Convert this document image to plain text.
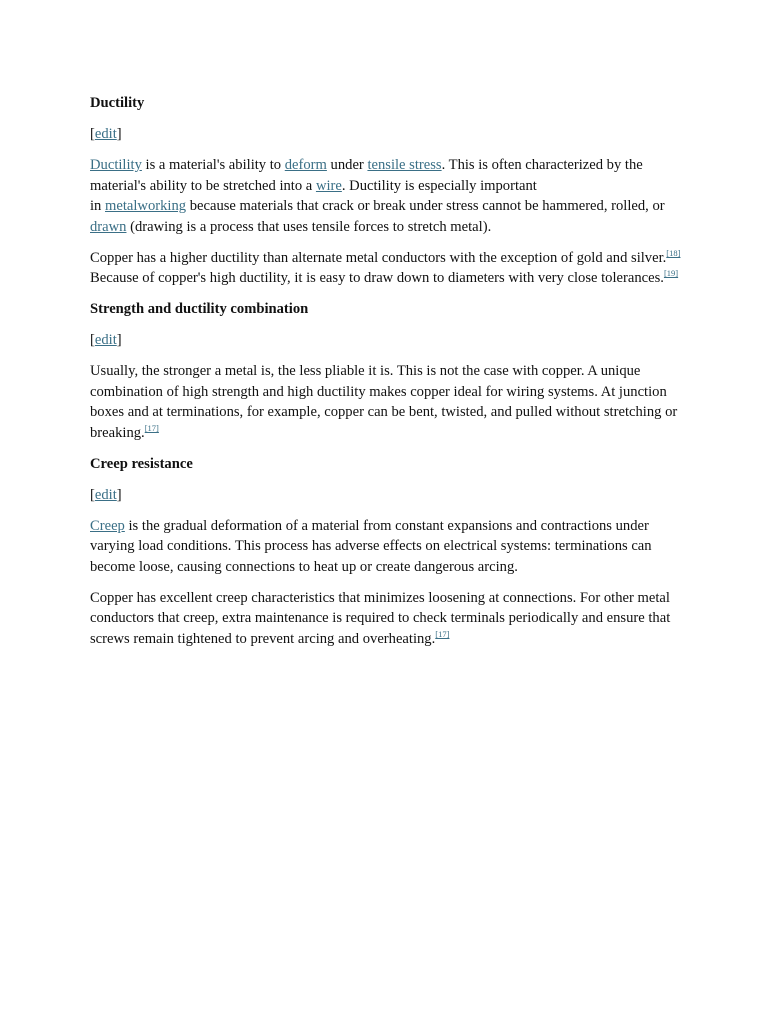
Ductility
[edit]

Ductility is a material's ability to deform under tensile stress. This is often characterized by the material's ability to be stretched into a wire. Ductility is especially important
in metalworking because materials that crack or break under stress cannot be hammered, rolled, or drawn (drawing is a process that uses tensile forces to stretch metal).

Copper has a higher ductility than alternate metal conductors with the exception of gold and silver.[18] Because of copper's high ductility, it is easy to draw down to diameters with very close tolerances.[19]

Strength and ductility combination
[edit]

Usually, the stronger a metal is, the less pliable it is. This is not the case with copper. A unique combination of high strength and high ductility makes copper ideal for wiring systems. At junction boxes and at terminations, for example, copper can be bent, twisted, and pulled without stretching or breaking.[17]

Creep resistance
[edit]

Creep is the gradual deformation of a material from constant expansions and contractions under varying load conditions. This process has adverse effects on electrical systems: terminations can become loose, causing connections to heat up or create dangerous arcing.

Copper has excellent creep characteristics that minimizes loosening at connections. For other metal conductors that creep, extra maintenance is required to check terminals periodically and ensure that screws remain tightened to prevent arcing and overheating.[17]
